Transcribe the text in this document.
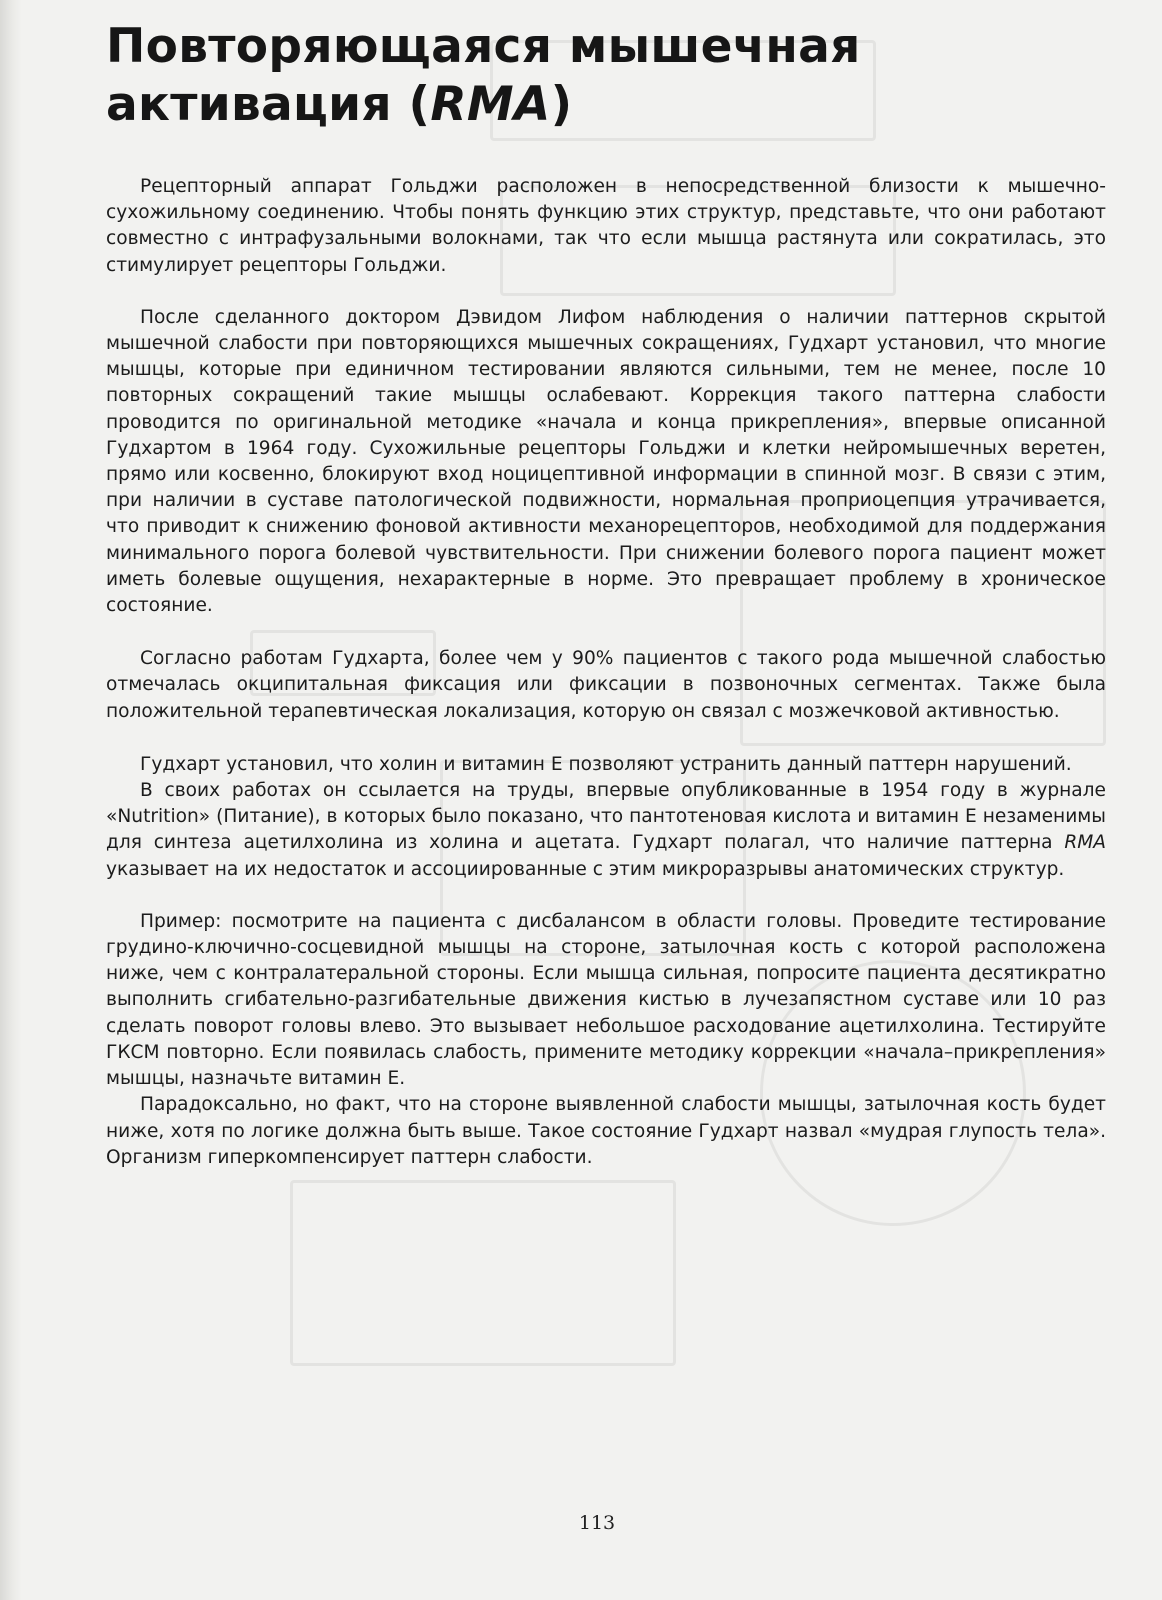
Повторяющаяся мышечная активация (RMA)

Рецепторный аппарат Гольджи расположен в непосредственной близости к мышечно-сухожильному соединению. Чтобы понять функцию этих структур, представьте, что они работают совместно с интрафузальными волокнами, так что если мышца растянута или сократилась, это стимулирует рецепторы Гольджи.

После сделанного доктором Дэвидом Лифом наблюдения о наличии паттернов скрытой мышечной слабости при повторяющихся мышечных сокращениях, Гудхарт установил, что многие мышцы, которые при единичном тестировании являются сильными, тем не менее, после 10 повторных сокращений такие мышцы ослабевают. Коррекция такого паттерна слабости проводится по оригинальной методике «начала и конца прикрепления», впервые описанной Гудхартом в 1964 году. Сухожильные рецепторы Гольджи и клетки нейромышечных веретен, прямо или косвенно, блокируют вход ноцицептивной информации в спинной мозг. В связи с этим, при наличии в суставе патологической подвижности, нормальная проприоцепция утрачивается, что приводит к снижению фоновой активности механорецепторов, необходимой для поддержания минимального порога болевой чувствительности. При снижении болевого порога пациент может иметь болевые ощущения, нехарактерные в норме. Это превращает проблему в хроническое состояние.

Согласно работам Гудхарта, более чем у 90% пациентов с такого рода мышечной слабостью отмечалась окципитальная фиксация или фиксации в позвоночных сегментах. Также была положительной терапевтическая локализация, которую он связал с мозжечковой активностью.

Гудхарт установил, что холин и витамин Е позволяют устранить данный паттерн нарушений.

В своих работах он ссылается на труды, впервые опубликованные в 1954 году в журнале «Nutrition» (Питание), в которых было показано, что пантотеновая кислота и витамин Е незаменимы для синтеза ацетилхолина из холина и ацетата. Гудхарт полагал, что наличие паттерна RMA указывает на их недостаток и ассоциированные с этим микроразрывы анатомических структур.

Пример: посмотрите на пациента с дисбалансом в области головы. Проведите тестирование грудино-ключично-сосцевидной мышцы на стороне, затылочная кость с которой расположена ниже, чем с контралатеральной стороны. Если мышца сильная, попросите пациента десятикратно выполнить сгибательно-разгибательные движения кистью в лучезапястном суставе или 10 раз сделать поворот головы влево. Это вызывает небольшое расходование ацетилхолина. Тестируйте ГКСМ повторно. Если появилась слабость, примените методику коррекции «начала–прикрепления» мышцы, назначьте витамин Е.

Парадоксально, но факт, что на стороне выявленной слабости мышцы, затылочная кость будет ниже, хотя по логике должна быть выше. Такое состояние Гудхарт назвал «мудрая глупость тела». Организм гиперкомпенсирует паттерн слабости.

113
